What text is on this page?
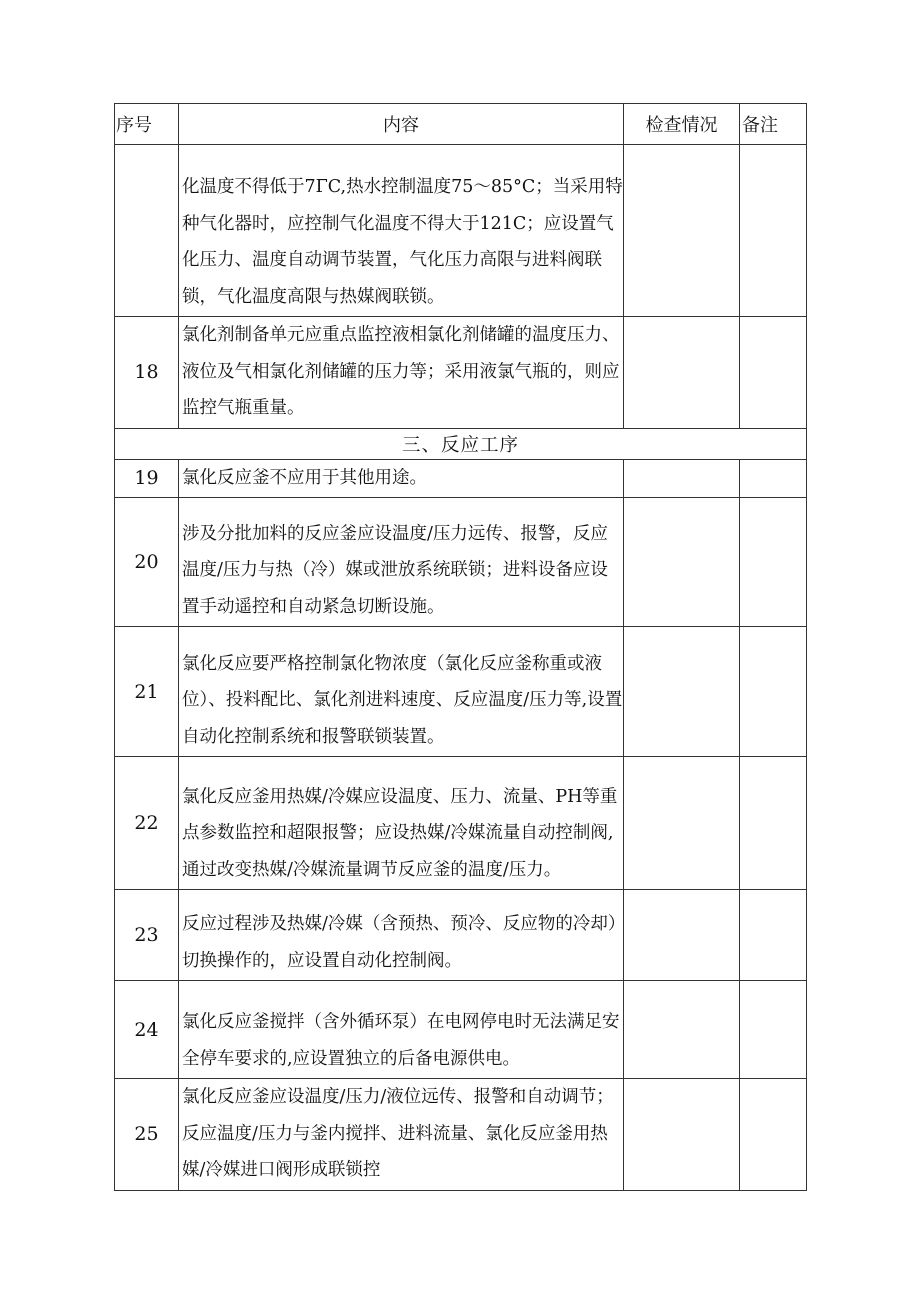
序号	内容	检查情况	备注
	化温度不得低于7ΓC,热水控制温度75～85°C；当采用特种气化器时，应控制气化温度不得大于121C；应设置气化压力、温度自动调节装置，气化压力高限与进料阀联锁，气化温度高限与热媒阀联锁。		
18	氯化剂制备单元应重点监控液相氯化剂储罐的温度压力、液位及气相氯化剂储罐的压力等；采用液氯气瓶的，则应监控气瓶重量。		
三、反应工序			
19	氯化反应釜不应用于其他用途。		
20	涉及分批加料的反应釜应设温度/压力远传、报警，反应温度/压力与热（冷）媒或泄放系统联锁；进料设备应设置手动遥控和自动紧急切断设施。		
21	氯化反应要严格控制氯化物浓度（氯化反应釜称重或液位）、投料配比、氯化剂进料速度、反应温度/压力等,设置自动化控制系统和报警联锁装置。		
22	氯化反应釜用热媒/冷媒应设温度、压力、流量、PH等重点参数监控和超限报警；应设热媒/冷媒流量自动控制阀,通过改变热媒/冷媒流量调节反应釜的温度/压力。		
23	反应过程涉及热媒/冷媒（含预热、预冷、反应物的冷却）切换操作的，应设置自动化控制阀。		
24	氯化反应釜搅拌（含外循环泵）在电网停电时无法满足安全停车要求的,应设置独立的后备电源供电。		
25	氯化反应釜应设温度/压力/液位远传、报警和自动调节；反应温度/压力与釜内搅拌、进料流量、氯化反应釜用热媒/冷媒进口阀形成联锁控		
